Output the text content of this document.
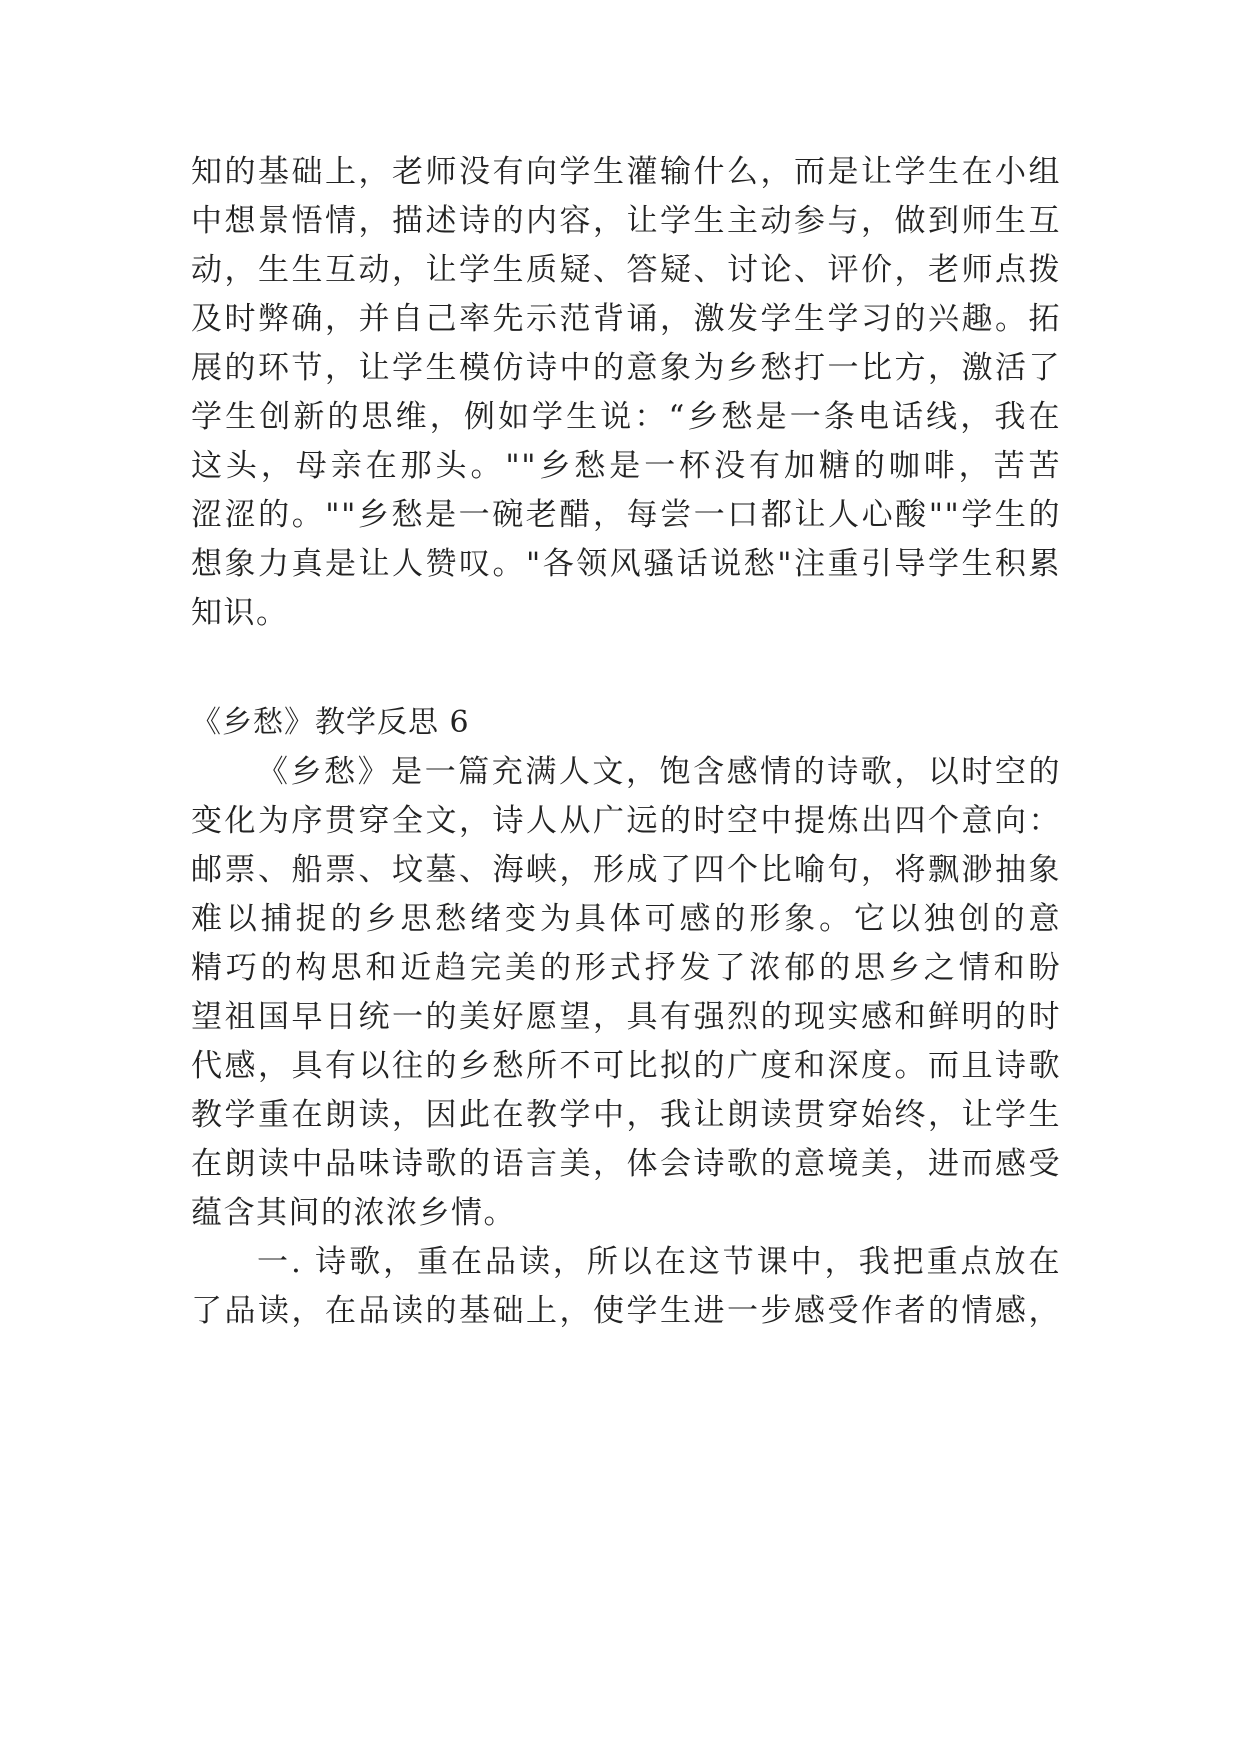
知的基础上，老师没有向学生灌输什么，而是让学生在小组
中想景悟情，描述诗的内容，让学生主动参与，做到师生互
动，生生互动，让学生质疑、答疑、讨论、评价，老师点拨
及时弊确，并自己率先示范背诵，激发学生学习的兴趣。拓
展的环节，让学生模仿诗中的意象为乡愁打一比方，激活了
学生创新的思维，例如学生说：“乡愁是一条电话线，我在
这头，母亲在那头。""乡愁是一杯没有加糖的咖啡，苦苦
涩涩的。""乡愁是一碗老醋，每尝一口都让人心酸""学生的
想象力真是让人赞叹。"各领风骚话说愁"注重引导学生积累
知识。
《乡愁》教学反思 6
《乡愁》是一篇充满人文，饱含感情的诗歌，以时空的
变化为序贯穿全文，诗人从广远的时空中提炼出四个意向：
邮票、船票、坟墓、海峡，形成了四个比喻句，将飘渺抽象
难以捕捉的乡思愁绪变为具体可感的形象。它以独创的意
精巧的构思和近趋完美的形式抒发了浓郁的思乡之情和盼
望祖国早日统一的美好愿望，具有强烈的现实感和鲜明的时
代感，具有以往的乡愁所不可比拟的广度和深度。而且诗歌
教学重在朗读，因此在教学中，我让朗读贯穿始终，让学生
在朗读中品味诗歌的语言美，体会诗歌的意境美，进而感受
蕴含其间的浓浓乡情。
一. 诗歌，重在品读，所以在这节课中，我把重点放在
了品读，在品读的基础上，使学生进一步感受作者的情感，
